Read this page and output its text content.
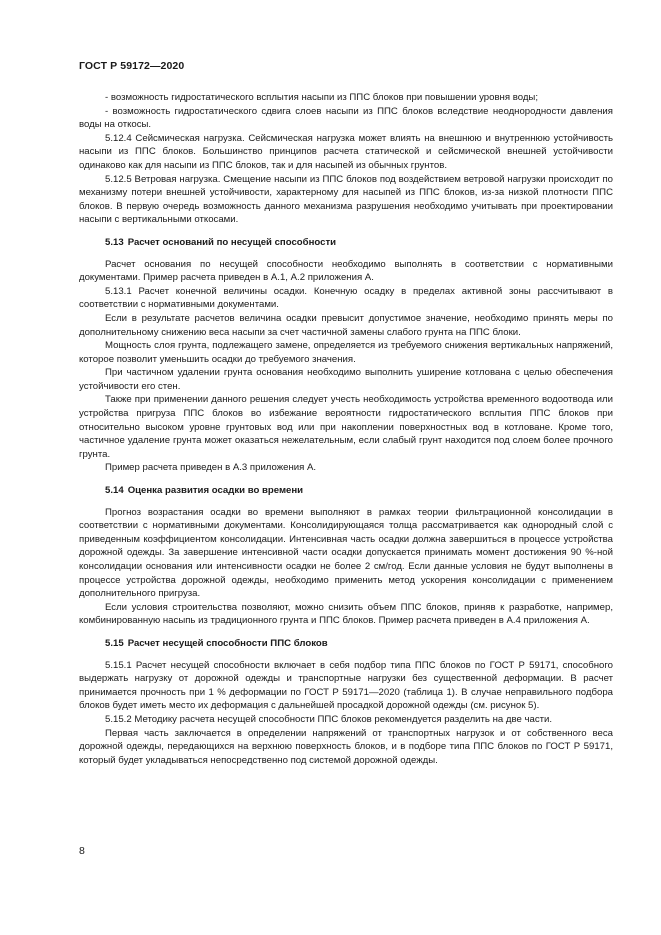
ГОСТ Р 59172—2020

- возможность гидростатического всплытия насыпи из ППС блоков при повышении уровня воды;

- возможность гидростатического сдвига слоев насыпи из ППС блоков вследствие неоднородности давления воды на откосы.

5.12.4 Сейсмическая нагрузка. Сейсмическая нагрузка может влиять на внешнюю и внутреннюю устойчивость насыпи из ППС блоков. Большинство принципов расчета статической и сейсмической внешней устойчивости одинаково как для насыпи из ППС блоков, так и для насыпей из обычных грунтов.

5.12.5 Ветровая нагрузка. Смещение насыпи из ППС блоков под воздействием ветровой нагрузки происходит по механизму потери внешней устойчивости, характерному для насыпей из ППС блоков, из-за низкой плотности ППС блоков. В первую очередь возможность данного механизма разрушения необходимо учитывать при проектировании насыпи с вертикальными откосами.

5.13 Расчет оснований по несущей способности

Расчет основания по несущей способности необходимо выполнять в соответствии с нормативными документами. Пример расчета приведен в А.1, А.2 приложения А.

5.13.1 Расчет конечной величины осадки. Конечную осадку в пределах активной зоны рассчитывают в соответствии с нормативными документами.

Если в результате расчетов величина осадки превысит допустимое значение, необходимо принять меры по дополнительному снижению веса насыпи за счет частичной замены слабого грунта на ППС блоки.

Мощность слоя грунта, подлежащего замене, определяется из требуемого снижения вертикальных напряжений, которое позволит уменьшить осадки до требуемого значения.

При частичном удалении грунта основания необходимо выполнить уширение котлована с целью обеспечения устойчивости его стен.

Также при применении данного решения следует учесть необходимость устройства временного водоотвода или устройства пригруза ППС блоков во избежание вероятности гидростатического всплытия ППС блоков при относительно высоком уровне грунтовых вод или при накоплении поверхностных вод в котловане. Кроме того, частичное удаление грунта может оказаться нежелательным, если слабый грунт находится под слоем более прочного грунта.

Пример расчета приведен в А.3 приложения А.

5.14 Оценка развития осадки во времени

Прогноз возрастания осадки во времени выполняют в рамках теории фильтрационной консолидации в соответствии с нормативными документами. Консолидирующаяся толща рассматривается как однородный слой с приведенным коэффициентом консолидации. Интенсивная часть осадки должна завершиться в процессе устройства дорожной одежды. За завершение интенсивной части осадки допускается принимать момент достижения 90 %-ной консолидации основания или интенсивности осадки не более 2 см/год. Если данные условия не будут выполнены в процессе устройства дорожной одежды, необходимо применить метод ускорения консолидации с применением дополнительного пригруза.

Если условия строительства позволяют, можно снизить объем ППС блоков, приняв к разработке, например, комбинированную насыпь из традиционного грунта и ППС блоков. Пример расчета приведен в А.4 приложения А.

5.15 Расчет несущей способности ППС блоков

5.15.1 Расчет несущей способности включает в себя подбор типа ППС блоков по ГОСТ Р 59171, способного выдержать нагрузку от дорожной одежды и транспортные нагрузки без существенной деформации. В расчет принимается прочность при 1 % деформации по ГОСТ Р 59171—2020 (таблица 1). В случае неправильного подбора блоков будет иметь место их деформация с дальнейшей просадкой дорожной одежды (см. рисунок 5).

5.15.2 Методику расчета несущей способности ППС блоков рекомендуется разделить на две части.

Первая часть заключается в определении напряжений от транспортных нагрузок и от собственного веса дорожной одежды, передающихся на верхнюю поверхность блоков, и в подборе типа ППС блоков по ГОСТ Р 59171, который будет укладываться непосредственно под системой дорожной одежды.

8
